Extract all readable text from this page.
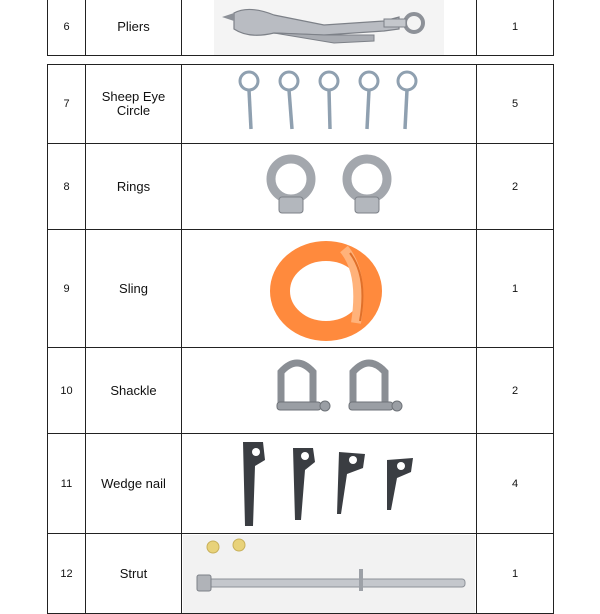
6	Pliers		1
7	Sheep Eye Circle		5
8	Rings		2
9	Sling		1
10	Shackle		2
11	Wedge nail		4
12	Strut		1
